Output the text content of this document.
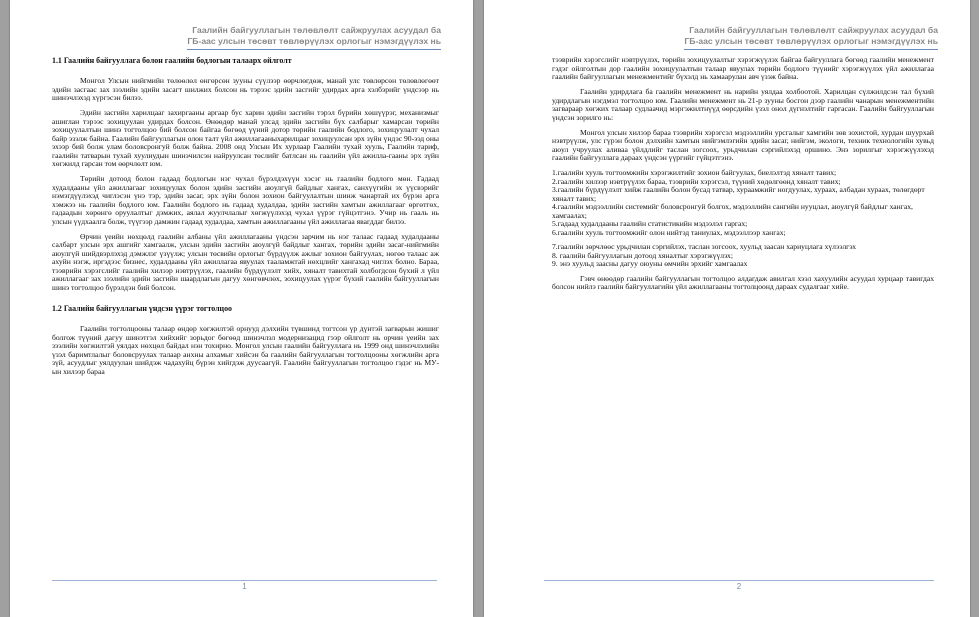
Гаалийн байгууллагын төлөвлөлт сайжруулах асуудал ба
ГБ-аас улсын төсөвт төвлөрүүлэх орлогыг нэмэгдүүлэх нь
1.1 Гаалийн байгууллага болон гаалийн бодлогын талаарх ойлголт

Монгол Улсын нийгмийн төлөөлөл өнгөрсөн зууны сүүлээр өөрчлөгдөж, манай улс төвлөрсөн төлөвлөгөөт эдийн засгаас зах зээлийн эдийн засагт шилжих болсон нь тэрээс эдийн засгийг удирдах арга хэлбэрийг үндсээр нь шинэчлэхэд хүргэсэн билээ.

Эдийн засгийн харилцааг захиргааны аргаар бус харин эдийн засгийн тэрэл бүрийн хөшүүрэг, механизмыг ашиглан тэрээс зохицуулан удирдах болсон. Өнөөдөр манай улсад эдийн засгийн бүх салбарыг хамарсан төрийн зохицуулалтын шинэ тогтолцоо бий болсон байгаа бөгөөд үүний дотор төрийн гаалийн бодлого, зохицуулалт чухал байр эзэлж байна. Гаалийн байгууллагын олон талт үйл ажиллагааныхарилцааг зохицуулсан эрх зүйн үндэс 90-ээд оны эхээр бий болж улам боловсронгуй болж байна. 2008 онд Улсын Их хурлаар Гаалийн тухай хууль, Гаалийн тариф, гаалийн татварын тухай хуулиудын шинэчилсэн найруулсан төслийг батлсан нь гаалийн үйл ажилла-гааны эрх зүйн хөгжилд гарсан том өөрчлөлт юм.

Төрийн дотоод болон гадаад бодлогын нэг чухал бүрэлдэхүүн хэсэг нь гаалийн бодлого мөн. Гадаад худалдааны үйл ажиллагааг зохицуулах болон эдийн засгийн аюулгүй байдлыг хангах, санхүүгийн эх үүсвэрийг нэмэгдүүлэхэд чиглэсэн үнэ тэр, эдийн засаг, эрх зүйн болон зохион байгуулалтын шинж чанартай их бүрэн арга хэмжээ нь гаалийн бодлого юм. Гаалийн бодлого нь гадаад худалдаа, эдийн засгийн хамтын ажиллагааг өргөтгөх, гадаадын хөрөнгө оруулалтыг дэмжих, аялал жуулчлалыг хөгжүүлэхэд чухал үүрэг гүйцэтгэнэ. Учир нь гааль нь улсын үүдхаалга болж, түүгээр дамжин гадаад худалдаа, хамтын ажиллагааны үйл ажиллагаа явагддаг билээ.

Өрчин үеийн нөхцөлд гаалийн албаны үйл ажиллагааны үндсэн зарчим нь нэг талаас гадаад худалдааны салбарт улсын эрх ашгийг хамгаалж, улсын эдийн засгийн аюулгүй байдлыг хангах, төрийн эдийн засаг-нийгмийн аюулгүй шийдвэрлэхэд дэмжлэг үзүүлж; улсын төсвийн орлогыг бүрдүүлж ажлыг зохион байгуулах, нөгөө талаас аж ахуйн нэгж, иргэдээс бизнес, худалдааны үйл ажиллагаа явуулах тааламжтай нөхцлийг хангахад чиглэх болно. Бараа, тээврийн хэрэгслийг гаалийн хилээр нэвтрүүлэх, гаалийн бүрдүүлэлт хийх, хяналт тавихтай холбогдсон бүхий л үйл ажиллагааг зах зээлийн эдийн засгийн шаардлагын дагуу хөнгөвчлөх, зохицуулах үүрэг бүхий гаалийн байгууллагын шинэ тогтолцоо бүрэлдэн бий болсон.

1.2 Гаалийн байгууллагын үндсэн үүрэг тогтолцоо

Гаалийн тогтолцооны талаар өндөр хөгжилтэй орнууд дэлхийн түвшинд тогтсон үр дүнтэй загварын жишиг болгож түүний дагуу шинэтгэл хийхийг зорьдог бөгөөд шинэчлэл модернизацид гээр ойлголт нь орчин үеийн зах зээлийн хөгжилтэй уялдах нөхцөл байдал нэн тохирно. Монгол улсын гаалийн байгууллага нь 1999 онд шинэчлэлийн үзэл баримтлалыг боловсруулах талаар анхны алхамыг хийсэн ба гаалийн байгууллагын тогтолцооны хөгжлийн арга зүй, асуудлыг уялдуулан шийдэж чадахуйц бүрэн хийгдэж дуусаагүй. Гаалийн байгууллагын тогтолцоо гэдэг нь МУ-ын хилээр бараа

1
Гаалийн байгууллагын төлөвлөлт сайжруулах асуудал ба
ГБ-аас улсын төсөвт төвлөрүүлэх орлогыг нэмэгдүүлэх нь

тээврийн хэрэгслийг нэвтрүүлэх, төрийн зохицуулалтыг хэрэгжүүлэх байгаа байгууллага бөгөөд гаалийн менежмент гэдэг ойлголтын дор гаалийн зохицуулалтын талаар явуулах төрийн бодлого түүнийг хэрэгжүүлэх үйл ажиллагаа гаалийн байгууллагын менежментийг бүхэлд нь хамаарулан авч үзэж байна.

Гаалийн удирдлага ба гаалийн менежмент нь нарийн уялдаа холбоотой. Харилцан сүлжилдсэн тал бүхий удирдлагын нэгдмэл тогтолцоо юм. Гаалийн менежмент нь 21-р зууны босгон дээр гаалийн чанарын менежментийн загвараар хөгжих талаар судлаачид мэргэжилтнүүд өөрсдийн үзэл онол дүгнэлтийг гаргасан. Гаалийн байгууллагын үндсэн зорилго нь:

Монгол улсын хилээр бараа тээврийн хэрэгсэл мэдээллийн урсгалыг хамгийн зөв зохистой, хурдан шуурхай нэвтрүүлж, улс гүрэн болон дэлхийн хамтын нийгэмлэгийн эдийн засаг, нийгэм, экологи, техник технологийн хувьд аюул учруулах аливаа үйлдлийг таслан зогсоох, урьдчилан сэргийлэхэд оршино. Энэ зорилгыг хэрэгжүүлэхэд гаалийн байгууллага дараах үндсэн үүргийг гүйцэтгэнэ.

1.гаалийн хууль тогтоомжийн хэрэгжилтийг зохион байгуулах, биелэлтэд хяналт тавих;
2.гаалийн хилээр нэвтрүүлэх бараа, тээврийн хэрэгсэл, түүний хөдөлгөөнд хяналт тавих;
3.гаалийн бүрдүүлэлт хийж гаалийн болон бусад татвар, хураамжийг ногдуулах, хураах, албадан хураах, төлөгдөрт хяналт тавих;
4.гаалийн мэдээллийн системийг боловсронгуй болгох, мэдээллийн сангийн нууцлал, аюулгүй байдлыг хангах, хамгаалах;
5.гадаад худалдааны гаалийн статистикийн мэдээлэл гаргах;
6.гаалийн хууль тогтоомжийг олон нийтэд таниулах, мэдээллээр хангах;
7.гаалийн зөрчлөөс урьдчилан сэргийлэх, таслан зогсоох, хуульд заасан хариуцлага хүлээлгэх
8. гаалийн байгууллагын дотоод хяналтыг хэрэгжүүлэх;
9. энэ хуульд заасны дагуу оюуны өмчийн эрхийг хамгаалах

Гэвч өнөөдөр гаалийн байгууллагын тогтолцоо алдагдаж авилгал хээл хахуулийн асуудал хурцаар тавигдах болсон нийлэ гаалийн байгууллагийн үйл ажиллагааны тогтолцоонд дараах судалгааг хийе.

2
